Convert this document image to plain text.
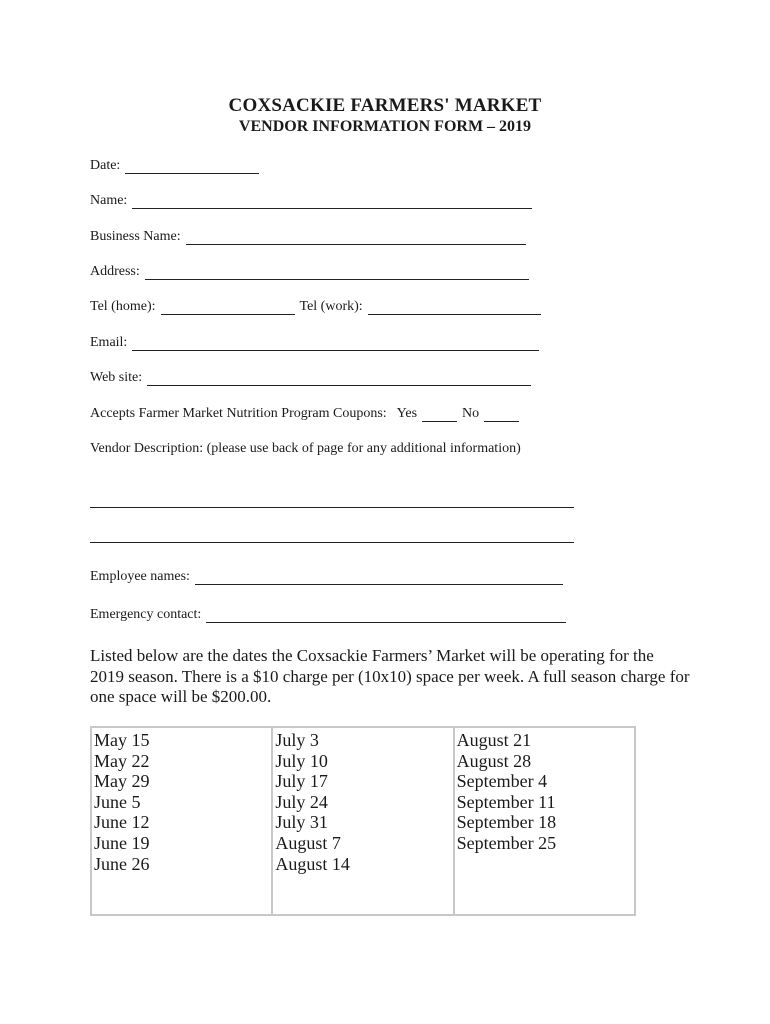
COXSACKIE FARMERS' MARKET
VENDOR INFORMATION FORM – 2019
Date:
Name:
Business Name:
Address:
Tel (home):	Tel (work):
Email:
Web site:
Accepts Farmer Market Nutrition Program Coupons: Yes	No
Vendor Description: (please use back of page for any additional information)
Employee names:
Emergency contact:
Listed below are the dates the Coxsackie Farmers’ Market will be operating for the 2019 season. There is a $10 charge per (10x10) space per week. A full season charge for one space will be $200.00.
May 15
May 22
May 29
June 5
June 12
June 19
June 26

July 3
July 10
July 17
July 24
July 31
August 7
August 14

August 21
August 28
September 4
September 11
September 18
September 25
